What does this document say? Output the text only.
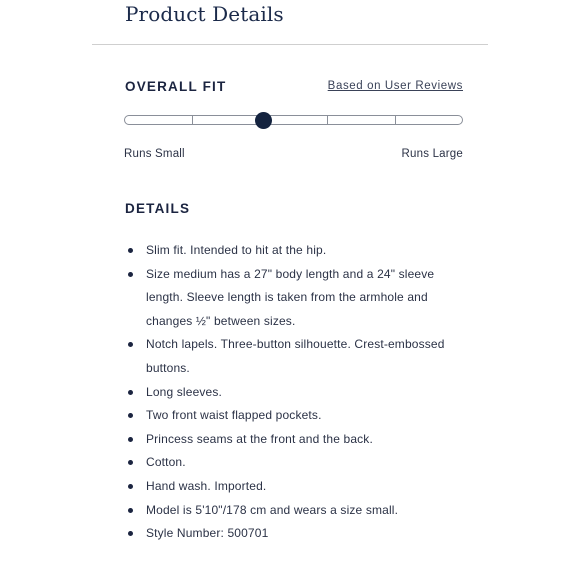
Product Details
OVERALL FIT	Based on User Reviews
Runs Small	Runs Large
DETAILS
Slim fit. Intended to hit at the hip.
Size medium has a 27" body length and a 24" sleeve length. Sleeve length is taken from the armhole and changes ½" between sizes.
Notch lapels. Three-button silhouette. Crest-embossed buttons.
Long sleeves.
Two front waist flapped pockets.
Princess seams at the front and the back.
Cotton.
Hand wash. Imported.
Model is 5'10"/178 cm and wears a size small.
Style Number: 500701
